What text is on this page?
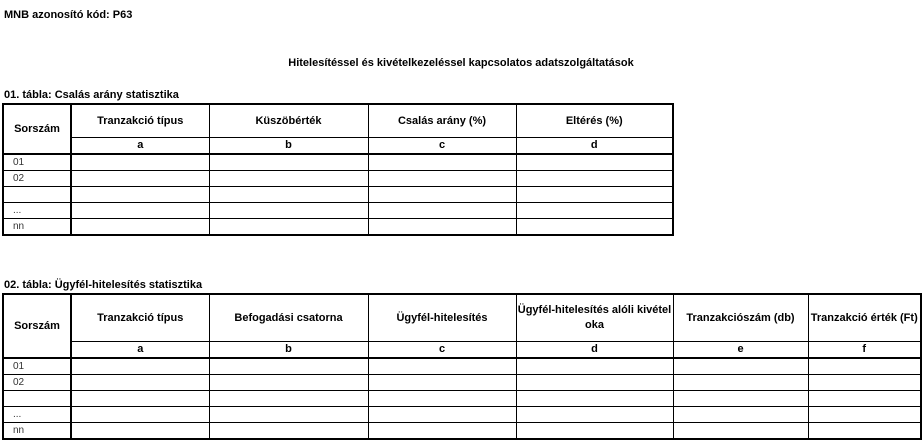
MNB azonosító kód: P63
Hitelesítéssel és kivételkezeléssel kapcsolatos adatszolgáltatások
01. tábla: Csalás arány statisztika
Sorszám	Tranzakció típus	Küszöbérték	Csalás arány (%)	Eltérés (%)
	a	b	c	d
01				
02				

...				
nn				
02. tábla: Ügyfél-hitelesítés statisztika
Sorszám	Tranzakció típus	Befogadási csatorna	Ügyfél-hitelesítés	Ügyfél-hitelesítés alóli kivétel oka	Tranzakciószám (db)	Tranzakció érték (Ft)
	a	b	c	d	e	f
01						
02						

...						
nn						
